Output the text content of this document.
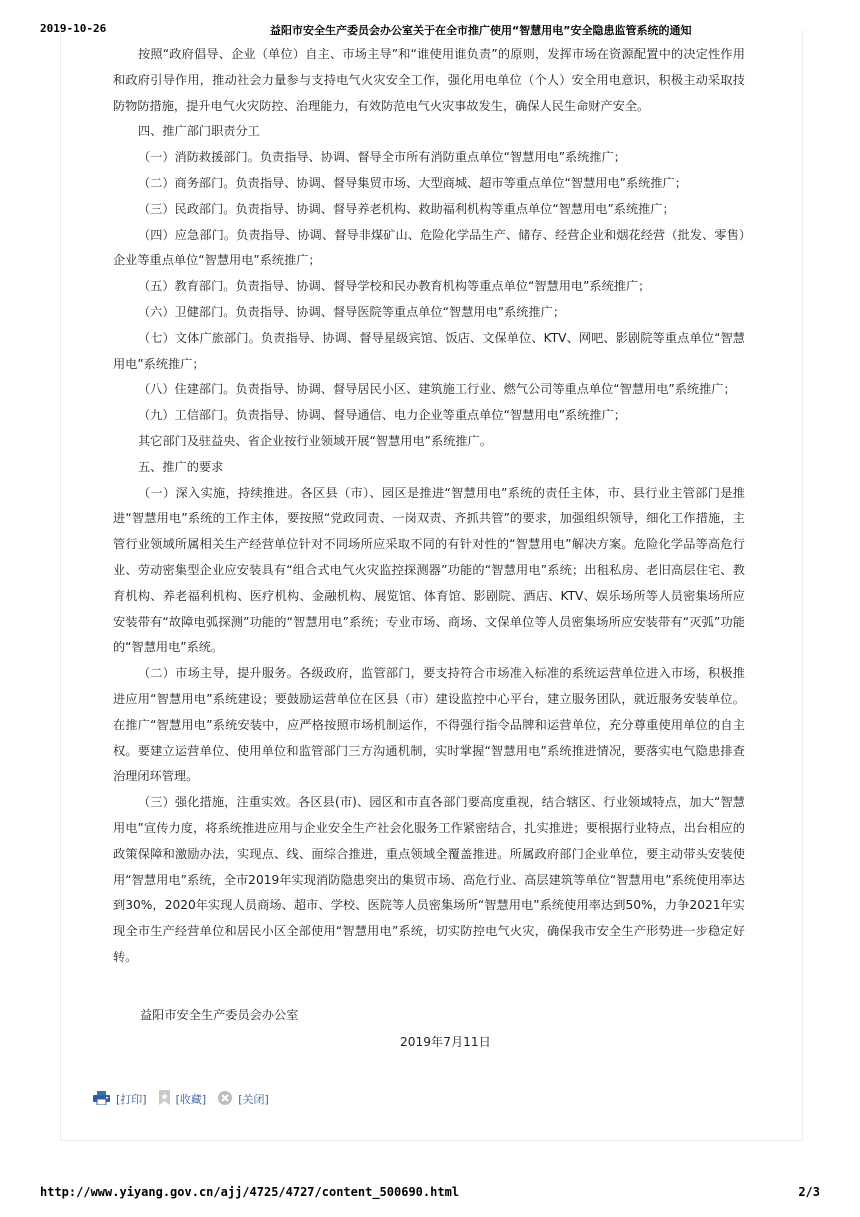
2019-10-26	益阳市安全生产委员会办公室关于在全市推广使用“智慧用电”安全隐患监管系统的通知

按照“政府倡导、企业（单位）自主、市场主导”和“谁使用谁负责”的原则，发挥市场在资源配置中的决定性作用和政府引导作用，推动社会力量参与支持电气火灾安全工作，强化用电单位（个人）安全用电意识，积极主动采取技防物防措施，提升电气火灾防控、治理能力，有效防范电气火灾事故发生，确保人民生命财产安全。

四、推广部门职责分工

（一）消防救援部门。负责指导、协调、督导全市所有消防重点单位“智慧用电”系统推广；

（二）商务部门。负责指导、协调、督导集贸市场、大型商城、超市等重点单位“智慧用电”系统推广；

（三）民政部门。负责指导、协调、督导养老机构、救助福利机构等重点单位“智慧用电”系统推广；

（四）应急部门。负责指导、协调、督导非煤矿山、危险化学品生产、储存、经营企业和烟花经营（批发、零售）企业等重点单位“智慧用电”系统推广；

（五）教育部门。负责指导、协调、督导学校和民办教育机构等重点单位“智慧用电”系统推广；

（六）卫健部门。负责指导、协调、督导医院等重点单位“智慧用电”系统推广；

（七）文体广旅部门。负责指导、协调、督导星级宾馆、饭店、文保单位、KTV、网吧、影剧院等重点单位“智慧用电”系统推广；

（八）住建部门。负责指导、协调、督导居民小区、建筑施工行业、燃气公司等重点单位“智慧用电”系统推广；

（九）工信部门。负责指导、协调、督导通信、电力企业等重点单位“智慧用电”系统推广；

其它部门及驻益央、省企业按行业领域开展“智慧用电”系统推广。

五、推广的要求

（一）深入实施，持续推进。各区县（市）、园区是推进“智慧用电”系统的责任主体，市、县行业主管部门是推进“智慧用电”系统的工作主体，要按照“党政同责、一岗双责、齐抓共管”的要求，加强组织领导，细化工作措施，主管行业领域所属相关生产经营单位针对不同场所应采取不同的有针对性的“智慧用电”解决方案。危险化学品等高危行业、劳动密集型企业应安装具有“组合式电气火灾监控探测器”功能的“智慧用电”系统；出租私房、老旧高层住宅、教育机构、养老福利机构、医疗机构、金融机构、展览馆、体育馆、影剧院、酒店、KTV、娱乐场所等人员密集场所应安装带有“故障电弧探测”功能的“智慧用电”系统；专业市场、商场、文保单位等人员密集场所应安装带有“灭弧”功能的“智慧用电”系统。

（二）市场主导，提升服务。各级政府，监管部门，要支持符合市场准入标准的系统运营单位进入市场，积极推进应用“智慧用电”系统建设；要鼓励运营单位在区县（市）建设监控中心平台，建立服务团队，就近服务安装单位。在推广“智慧用电”系统安装中，应严格按照市场机制运作，不得强行指令品牌和运营单位，充分尊重使用单位的自主权。要建立运营单位、使用单位和监管部门三方沟通机制，实时掌握“智慧用电”系统推进情况，要落实电气隐患排查治理闭环管理。

（三）强化措施，注重实效。各区县(市)、园区和市直各部门要高度重视，结合辖区、行业领域特点，加大“智慧用电”宣传力度，将系统推进应用与企业安全生产社会化服务工作紧密结合，扎实推进；要根据行业特点，出台相应的政策保障和激励办法，实现点、线、面综合推进，重点领域全覆盖推进。所属政府部门企业单位，要主动带头安装使用“智慧用电”系统，全市2019年实现消防隐患突出的集贸市场、高危行业、高层建筑等单位“智慧用电”系统使用率达到30%，2020年实现人员商场、超市、学校、医院等人员密集场所“智慧用电”系统使用率达到50%，力争2021年实现全市生产经营单位和居民小区全部使用“智慧用电”系统，切实防控电气火灾，确保我市安全生产形势进一步稳定好转。

益阳市安全生产委员会办公室
2019年7月11日
[打印]	[收藏]	[关闭]
http://www.yiyang.gov.cn/ajj/4725/4727/content_500690.html	2/3
